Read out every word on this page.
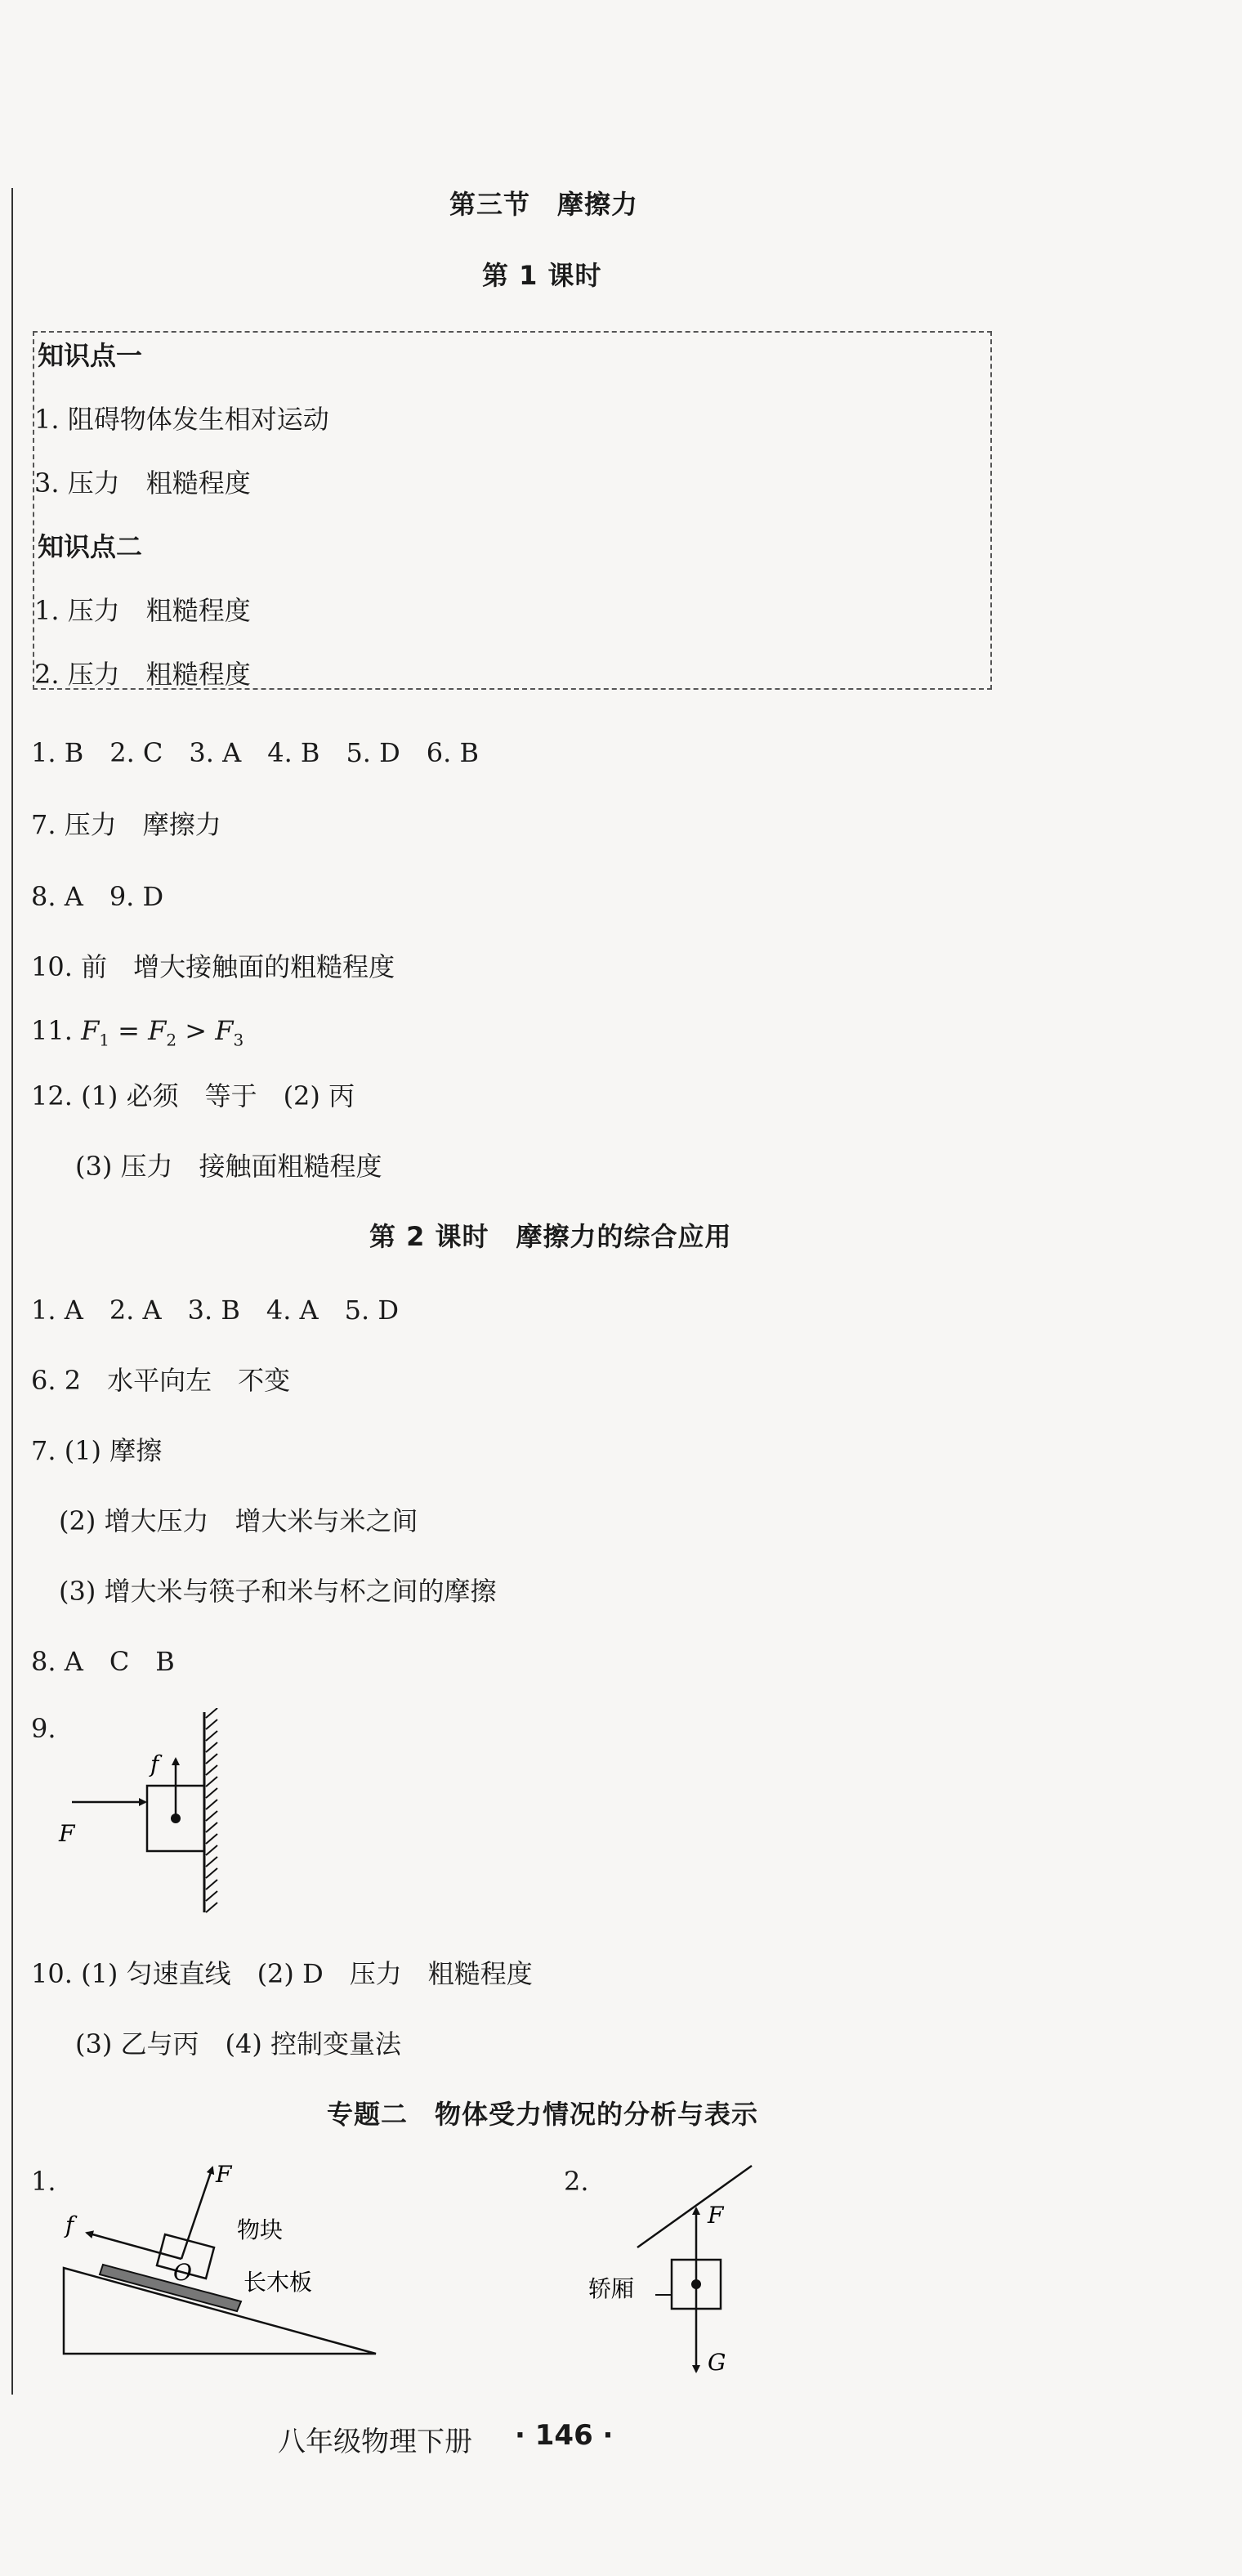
第三节　摩擦力
第 1 课时
知识点一
1. 阻碍物体发生相对运动
3. 压力　粗糙程度
知识点二
1. 压力　粗糙程度
2. 压力　粗糙程度
1. B　2. C　3. A　4. B　5. D　6. B
7. 压力　摩擦力
8. A　9. D
10. 前　增大接触面的粗糙程度
11. $F_1 = F_2 > F_3$
12. (1) 必须　等于　(2) 丙
(3) 压力　接触面粗糙程度
第 2 课时　摩擦力的综合应用
1. A　2. A　3. B　4. A　5. D
6. 2　水平向左　不变
7. (1) 摩擦
(2) 增大压力　增大米与米之间
(3) 增大米与筷子和米与杯之间的摩擦
8. A　C　B
9.
f
F
10. (1) 匀速直线　(2) D　压力　粗糙程度
(3) 乙与丙　(4) 控制变量法
专题二　物体受力情况的分析与表示
1.	F
f
O
物块
长木板
2.
F
G
轿厢
八年级物理下册 · 146 ·
